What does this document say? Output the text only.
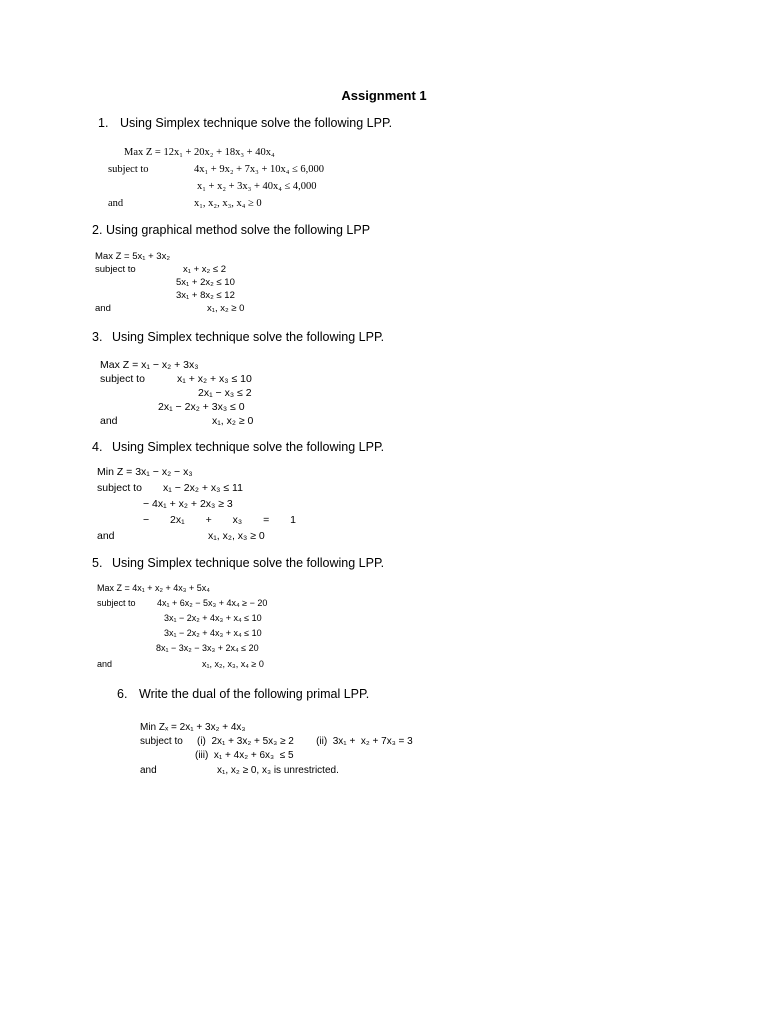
Assignment 1
1. Using Simplex technique solve the following LPP.
Max Z = 12x₁ + 20x₂ + 18x₃ + 40x₄
subject to	4x₁ + 9x₂ + 7x₃ + 10x₄ ≤ 6,000
x₁ + x₂ + 3x₃ + 40x₄ ≤ 4,000
and	x₁, x₂, x₃, x₄ ≥ 0
2. Using graphical method solve the following LPP
Max Z = 5x₁ + 3x₂
subject to	x₁ + x₂ ≤ 2
5x₁ + 2x₂ ≤ 10
3x₁ + 8x₂ ≤ 12
and	x₁, x₂ ≥ 0
3. Using Simplex technique solve the following LPP.
Max Z = x₁ − x₂ + 3x₃
subject to	x₁ + x₂ + x₃ ≤ 10
2x₁ − x₃ ≤ 2
2x₁ − 2x₂ + 3x₃ ≤ 0
and	x₁, x₂ ≥ 0
4. Using Simplex technique solve the following LPP.
Min Z = 3x₁ − x₂ − x₃
subject to x₁ − 2x₂ + x₃ ≤ 11
− 4x₁ + x₂ + 2x₃ ≥ 3
− 2x₁ + x₃ = 1
and	x₁, x₂, x₃ ≥ 0
5. Using Simplex technique solve the following LPP.
Max Z = 4x₁ + x₂ + 4x₃ + 5x₄
subject to 4x₁ + 6x₂ − 5x₃ + 4x₄ ≥ − 20
3x₁ − 2x₂ + 4x₃ + x₄ ≤ 10
3x₁ − 2x₂ + 4x₃ + x₄ ≤ 10
8x₁ − 3x₂ − 3x₃ + 2x₄ ≤ 20
and	x₁, x₂, x₃, x₄ ≥ 0
6. Write the dual of the following primal LPP.
Min Zₓ = 2x₁ + 3x₂ + 4x₃
subject to (i)  2x₁ + 3x₂ + 5x₃ ≥ 2        (ii)  3x₁ +  x₂ + 7x₃ = 3
(iii)  x₁ + 4x₂ + 6x₃  ≤ 5
and	x₁, x₂ ≥ 0, x₃ is unrestricted.
